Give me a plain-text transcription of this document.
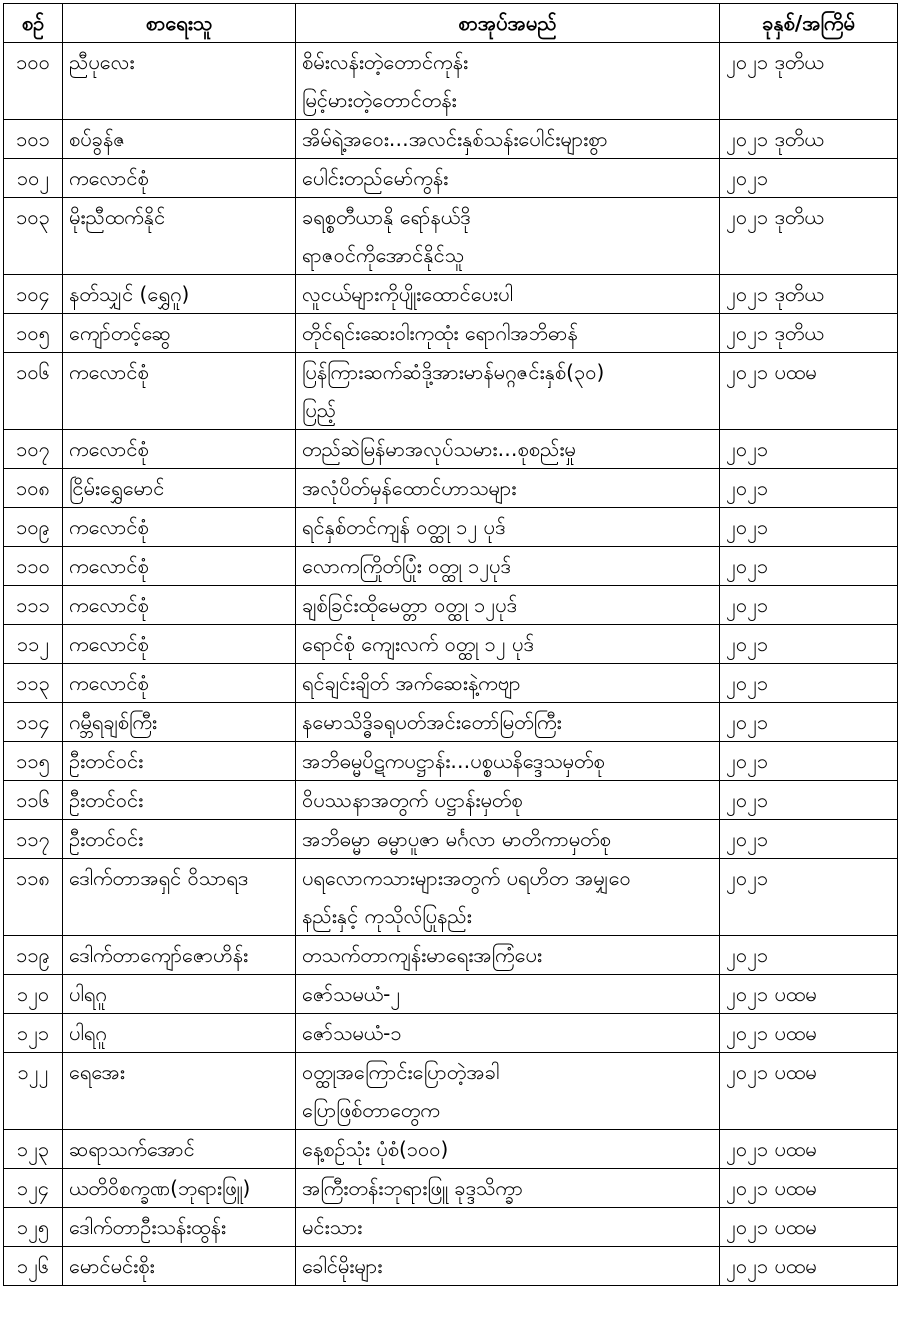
စဉ်	စာရေးသူ	စာအုပ်အမည်	ခုနှစ်/အကြိမ်
၁၀၀	ညီပုလေး	စိမ်းလန်းတဲ့တောင်ကုန်း
မြင့်မားတဲ့တောင်တန်း	၂၀၂၁ ဒုတိယ
၁၀၁	စပ်ခွန်ဇ	အိမ်ရဲ့အဝေး…အလင်းနှစ်သန်းပေါင်းများစွာ	၂၀၂၁ ဒုတိယ
၁၀၂	ကလောင်စုံ	ပေါင်းတည်မော်ကွန်း	၂၀၂၁
၁၀၃	မိုးညီထက်နိုင်	ခရစ္စတီယာနို ရော်နယ်ဒို
ရာဇဝင်ကိုအောင်နိုင်သူ	၂၀၂၁ ဒုတိယ
၁၀၄	နတ်သျှင် (ရွှေဂူ)	လူငယ်များကိုပျိုးထောင်ပေးပါ	၂၀၂၁ ဒုတိယ
၁၀၅	ကျော်တင့်ဆွေ	တိုင်ရင်းဆေးဝါးကုထုံး ရောဂါအဘိဓာန်	၂၀၂၁ ဒုတိယ
၁၀၆	ကလောင်စုံ	ပြန်ကြားဆက်ဆံဒို့အားမာန်မဂ္ဂဇင်းနှစ်(၃၀)
ပြည့်	၂၀၂၁ ပထမ
၁၀၇	ကလောင်စုံ	တည်ဆဲမြန်မာအလုပ်သမား…စုစည်းမှု	၂၀၂၁
၁၀၈	ငြိမ်းရွှေမောင်	အလုံပိတ်မှန်ထောင်ဟာသများ	၂၀၂၁
၁၀၉	ကလောင်စုံ	ရင်နှစ်တင်ကျန် ဝတ္ထု ၁၂ ပုဒ်	၂၀၂၁
၁၁၀	ကလောင်စုံ	လောကကြိုတ်ပြုံး ဝတ္ထု ၁၂ပုဒ်	၂၀၂၁
၁၁၁	ကလောင်စုံ	ချစ်ခြင်းထိုမေတ္တာ ဝတ္ထု ၁၂ပုဒ်	၂၀၂၁
၁၁၂	ကလောင်စုံ	ရောင်စုံ ကျေးလက် ဝတ္ထု ၁၂ ပုဒ်	၂၀၂၁
၁၁၃	ကလောင်စုံ	ရင်ချင်းချိတ် အက်ဆေးနဲ့ကဗျာ	၂၀၂၁
၁၁၄	ဂမ္ဘီရချစ်ကြီး	နမောသိဒ္ဓိခရုပတ်အင်းတော်မြတ်ကြီး	၂၀၂၁
၁၁၅	ဦးတင်ဝင်း	အဘိဓမ္မပိဋကပဋ္ဌာန်း…ပစ္စယနိဒ္ဒေသမှတ်စု	၂၀၂၁
၁၁၆	ဦးတင်ဝင်း	ဝိပဿနာအတွက် ပဋ္ဌာန်းမှတ်စု	၂၀၂၁
၁၁၇	ဦးတင်ဝင်း	အဘိဓမ္မာ ဓမ္မာပူဇာ မင်္ဂလာ မာတိကာမှတ်စု	၂၀၂၁
၁၁၈	ဒေါက်တာအရှင် ဝိသာရဒ	ပရလောကသားများအတွက် ပရဟိတ အမျှဝေ
နည်းနှင့် ကုသိုလ်ပြုနည်း	၂၀၂၁
၁၁၉	ဒေါက်တာကျော်ဇောဟိန်း	တသက်တာကျန်းမာရေးအကြံပေး	၂၀၂၁
၁၂၀	ပါရဂူ	ဇော်သမယံ-၂	၂၀၂၁ ပထမ
၁၂၁	ပါရဂူ	ဇော်သမယံ-၁	၂၀၂၁ ပထမ
၁၂၂	ရေအေး	ဝတ္ထုအကြောင်းပြောတဲ့အခါ
ပြောဖြစ်တာတွေက	၂၀၂၁ ပထမ
၁၂၃	ဆရာသက်အောင်	နေ့စဉ်သုံး ပုံစံ(၁၀၀)	၂၀၂၁ ပထမ
၁၂၄	ယတိဝိစက္ခဏ(ဘုရားဖြူ)	အကြီးတန်းဘုရားဖြူ ခုဒ္ဒသိက္ခာ	၂၀၂၁ ပထမ
၁၂၅	ဒေါက်တာဦးသန်းထွန်း	မင်းသား	၂၀၂၁ ပထမ
၁၂၆	မောင်မင်းစိုး	ခေါင်မိုးများ	၂၀၂၁ ပထမ
